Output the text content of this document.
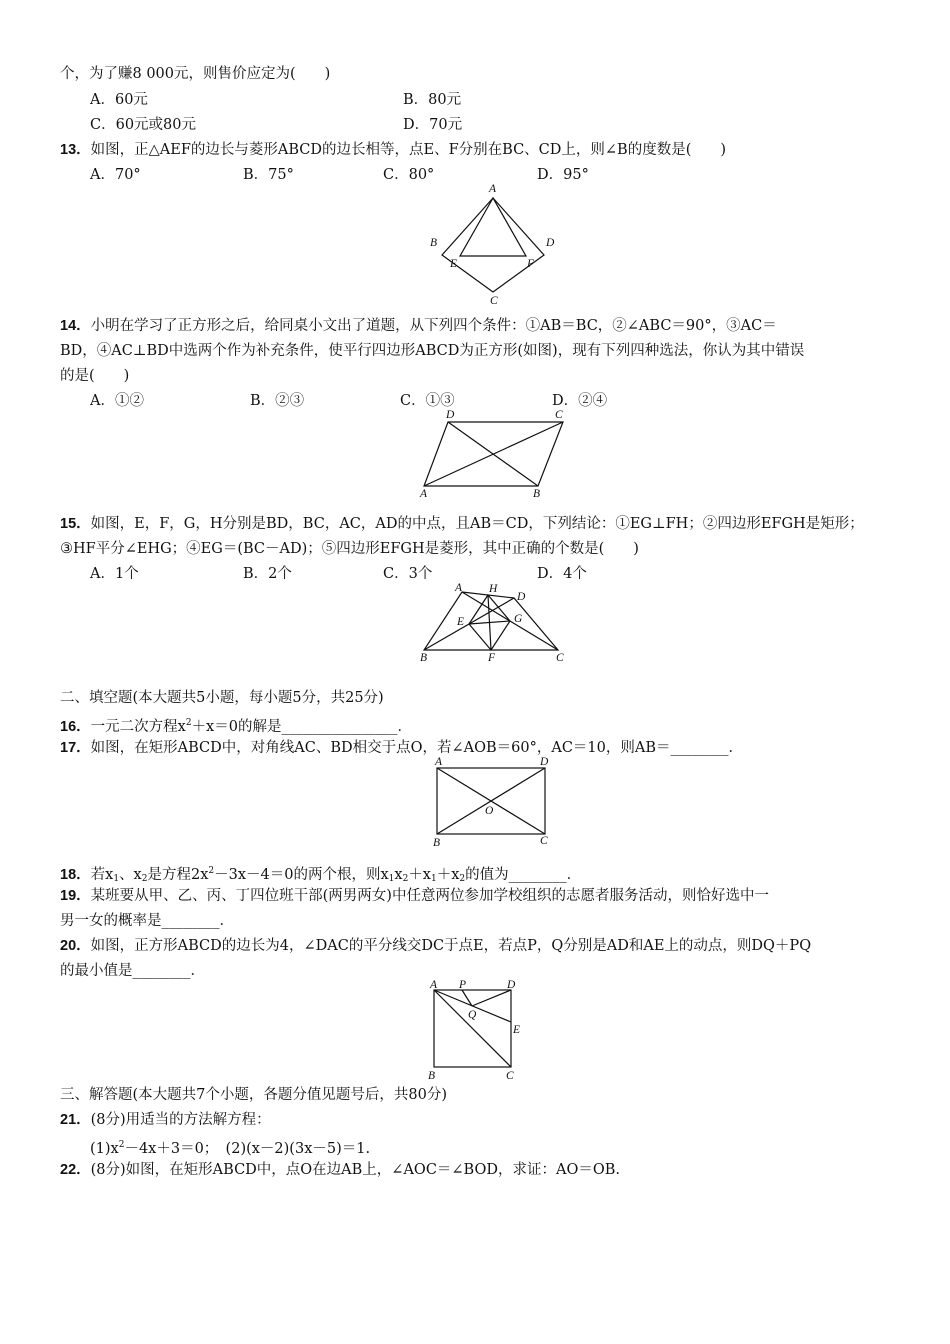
个，为了赚8 000元，则售价应定为(　　)
A．60元	B．80元
C．60元或80元	D．70元
13．如图，正△AEF的边长与菱形ABCD的边长相等，点E、F分别在BC、CD上，则∠B的度数是(　　)
A．70°	B．75°	C．80°	D．95°
A
B
C
D
E	F
14．小明在学习了正方形之后，给同桌小文出了道题，从下列四个条件：①AB＝BC，②∠ABC＝90°，③AC＝
BD，④AC⊥BD中选两个作为补充条件，使平行四边形ABCD为正方形(如图)，现有下列四种选法，你认为其中错误
的是(　　)
A．①②	B．②③	C．①③	D．②④
D	C
A	B
15．如图，E，F，G，H分别是BD，BC，AC，AD的中点，且AB＝CD，下列结论：①EG⊥FH；②四边形EFGH是矩形；
③HF平分∠EHG；④EG＝(BC－AD)；⑤四边形EFGH是菱形，其中正确的个数是(　　)
A．1个	B．2个	C．3个	D．4个
A H
D
E	G
B	F	C
二、填空题(本大题共5小题，每小题5分，共25分)
16．一元二次方程$x^2+x=0$的解是________________．
17．如图，在矩形ABCD中，对角线AC、BD相交于点O，若∠AOB＝60°，AC＝10，则AB＝________．
A	D
O
B	C
18．若$x_1$、$x_2$是方程$2x^2-3x-4=0$的两个根，则$x_1x_2+x_1+x_2$的值为________．
19．某班要从甲、乙、丙、丁四位班干部(两男两女)中任意两位参加学校组织的志愿者服务活动，则恰好选中一
男一女的概率是________．
20．如图，正方形ABCD的边长为4，∠DAC的平分线交DC于点E，若点P，Q分别是AD和AE上的动点，则DQ＋PQ
的最小值是________．
A P	D
Q
E
B	C
三、解答题(本大题共7个小题，各题分值见题号后，共80分)
21．(8分)用适当的方法解方程：
$(1)x^2-4x+3=0$；　(2)(x－2)(3x－5)＝1.
22．(8分)如图，在矩形ABCD中，点O在边AB上，∠AOC＝∠BOD，求证：AO＝OB.
